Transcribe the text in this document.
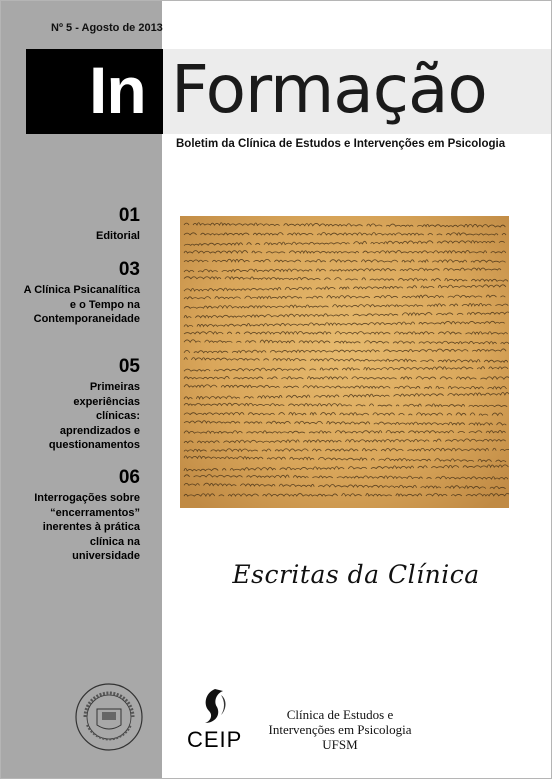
Nº 5 - Agosto de 2013
In Formação
Boletim da Clínica de Estudos e Intervenções em Psicologia
01
Editorial
03
A Clínica Psicanalítica e o Tempo na Contemporaneidade
05
Primeiras experiências clínicas: aprendizados e questionamentos
06
Interrogações sobre “encerramentos” inerentes à prática clínica na universidade
Escritas da Clínica
CEIP
Clínica de Estudos e
Intervenções em Psicologia
UFSM
